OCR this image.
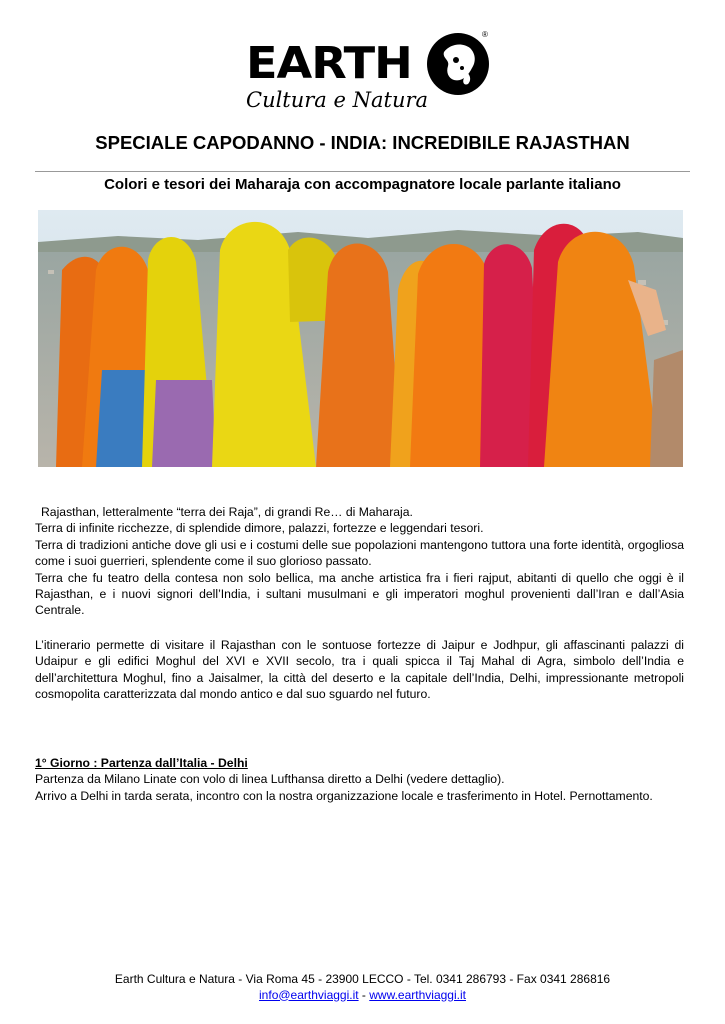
EARTH
®
Cultura e Natura
SPECIALE CAPODANNO - INDIA: INCREDIBILE RAJASTHAN
Colori e tesori dei Maharaja con accompagnatore locale parlante italiano

Rajasthan, letteralmente “terra dei Raja”, di grandi Re… di Maharaja.

Terra di infinite ricchezze, di splendide dimore, palazzi, fortezze e leggendari tesori.

Terra di tradizioni antiche dove gli usi e i costumi delle sue popolazioni mantengono tuttora una forte identità, orgogliosa come i suoi guerrieri, splendente come il suo glorioso passato.

Terra che fu teatro della contesa non solo bellica, ma anche artistica fra i fieri rajput, abitanti di quello che oggi è il Rajasthan, e i nuovi signori dell’India, i sultani musulmani e gli imperatori moghul provenienti dall’Iran e dall’Asia Centrale.

L’itinerario permette di visitare il Rajasthan con le sontuose fortezze di Jaipur e Jodhpur, gli affascinanti palazzi di Udaipur e gli edifici Moghul del XVI e XVII secolo, tra i quali spicca il Taj Mahal di Agra, simbolo dell’India e dell’architettura Moghul, fino a Jaisalmer, la città del deserto e la capitale dell’India, Delhi, impressionante metropoli cosmopolita caratterizzata dal mondo antico e dal suo sguardo nel futuro.

1° Giorno : Partenza dall’Italia - Delhi

Partenza da Milano Linate con volo di linea Lufthansa diretto a Delhi (vedere dettaglio).

Arrivo a Delhi in tarda serata, incontro con la nostra organizzazione locale e trasferimento in Hotel. Pernottamento.

Earth Cultura e Natura - Via Roma 45 - 23900 LECCO - Tel. 0341 286793 - Fax 0341 286816
info@earthviaggi.it - www.earthviaggi.it
